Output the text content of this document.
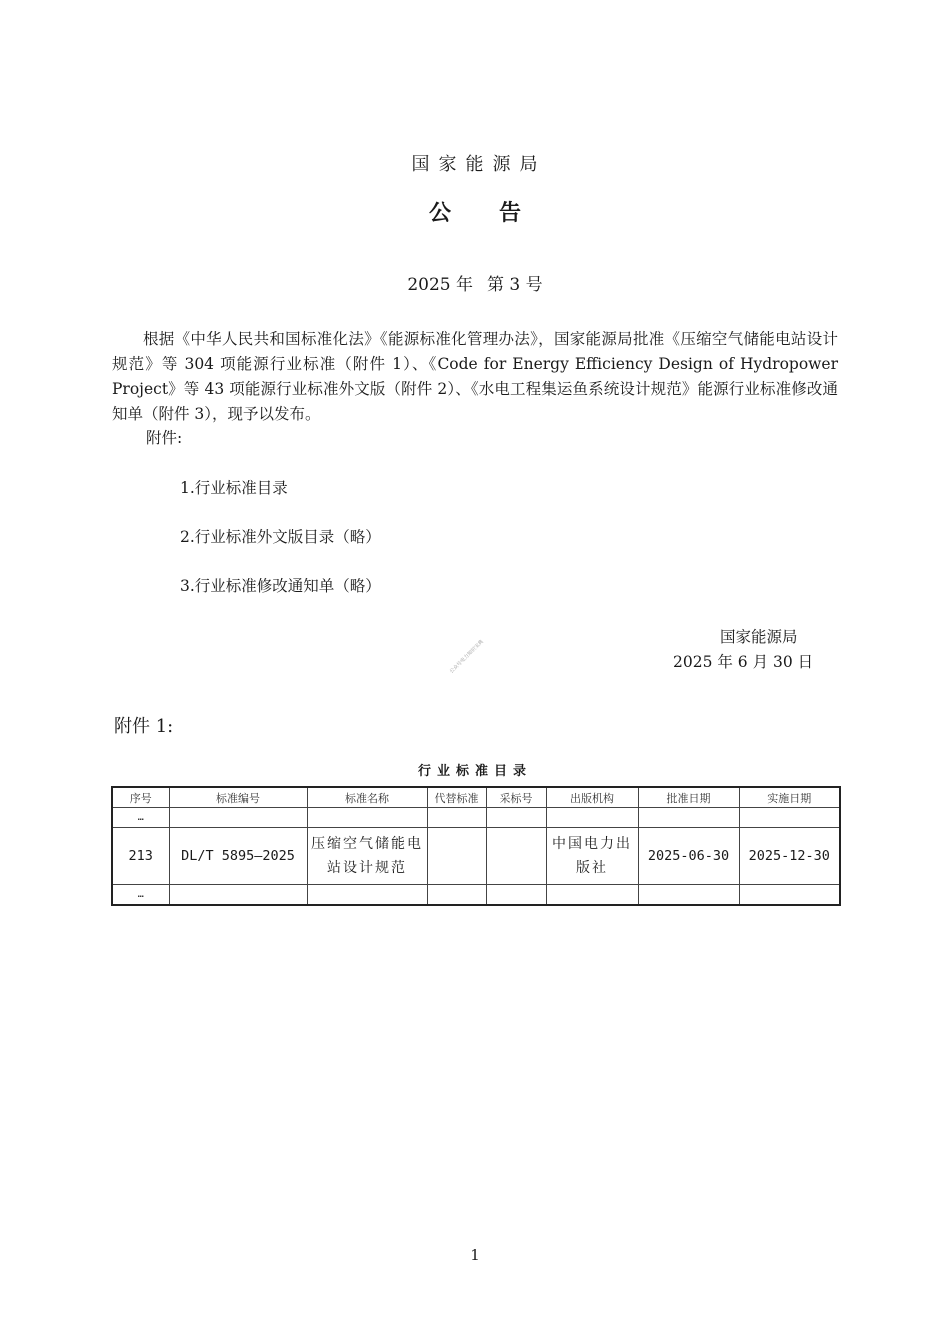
国家能源局
公 告
2025 年 第 3 号

根据《中华人民共和国标准化法》《能源标准化管理办法》，国家能源局批准《压缩空气储能电站设计规范》等 304 项能源行业标准（附件 1）、《Code for Energy Efficiency Design of Hydropower Project》等 43 项能源行业标准外文版（附件 2）、《水电工程集运鱼系统设计规范》能源行业标准修改通知单（附件 3），现予以发布。

附件:
1.行业标准目录
2.行业标准外文版目录（略）
3.行业标准修改通知单（略）
国家能源局
2025 年 6 月 30 日
公众号电力知识宝典
附件 1:
行业标准目录
序号	标准编号	标准名称	代替标准	采标号	出版机构	批准日期	实施日期
…							
213	DL/T 5895—2025	压缩空气储能电站设计规范			中国电力出版社	2025-06-30	2025-12-30
…							
1
